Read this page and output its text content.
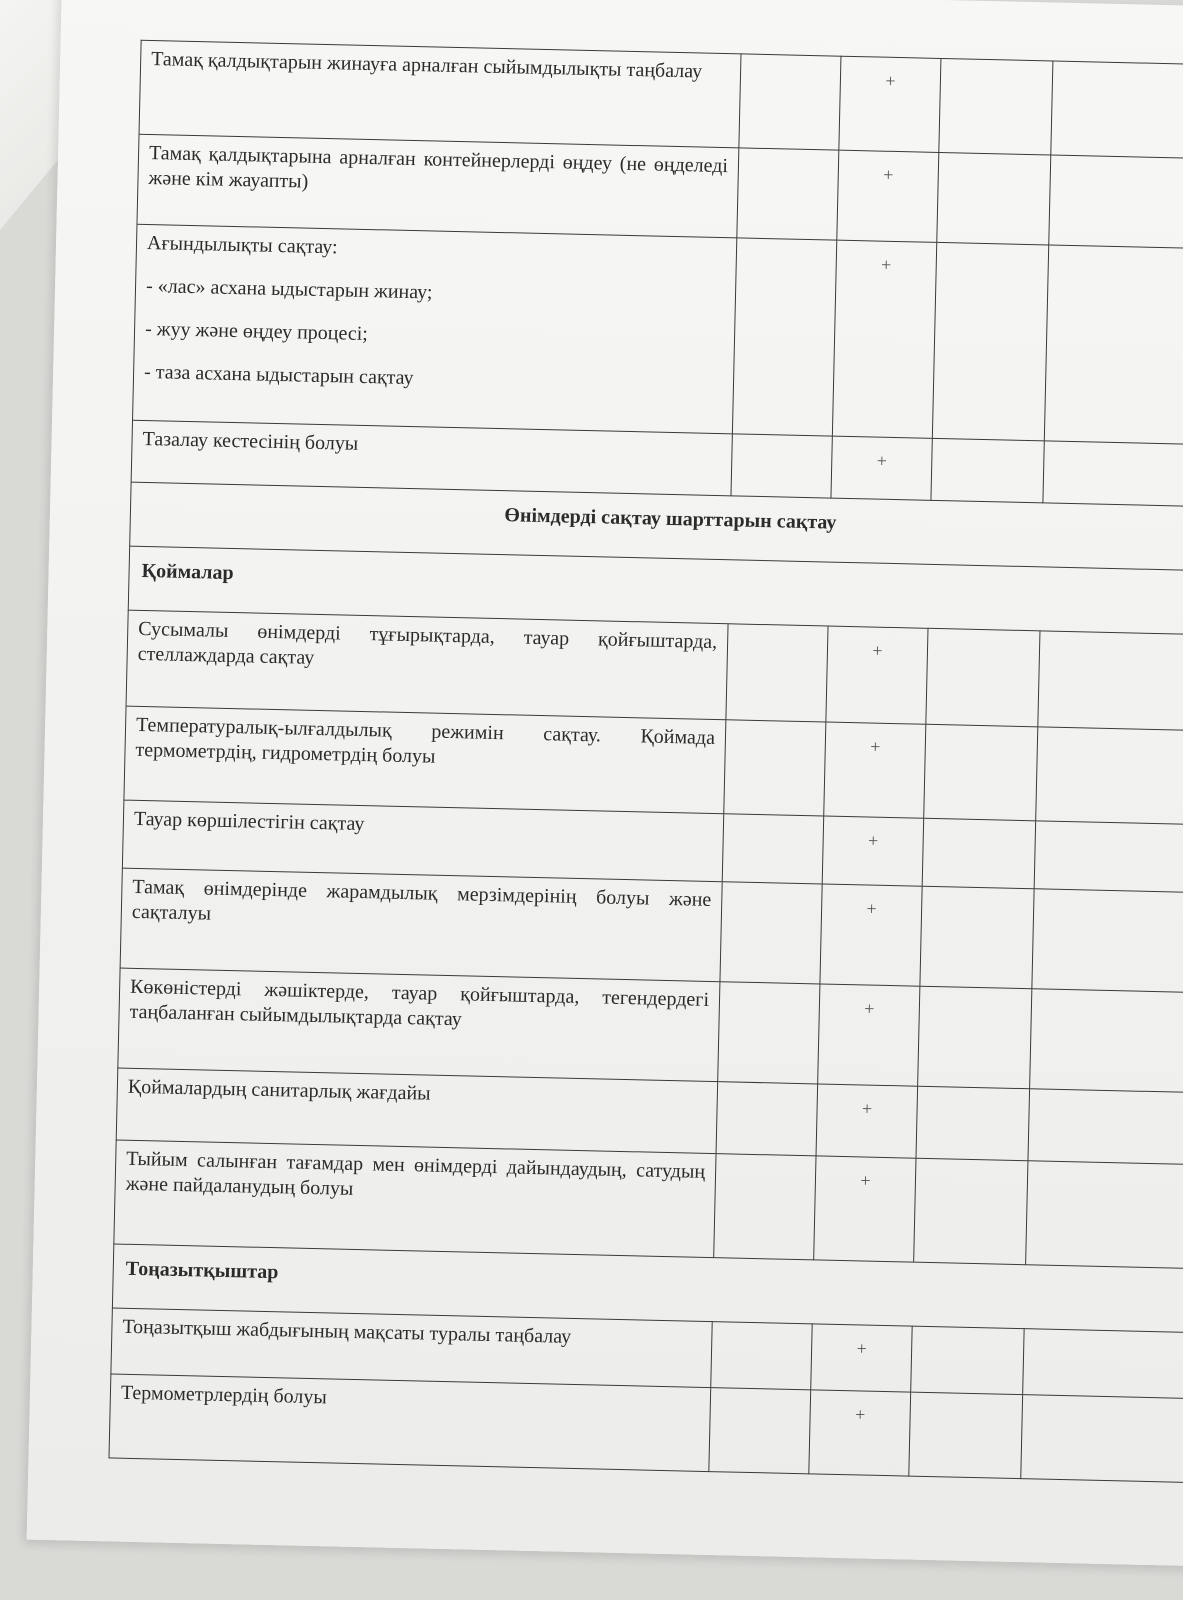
Тамақ қалдықтарын жинауға арналған сыйымдылықты таңбалау		+		
Тамақ қалдықтарына арналған контейнерлерді өңдеу (не өңделеді және кім жауапты)		+		
Ағындылықты сақтау:
- «лас» асхана ыдыстарын жинау;
- жуу және өңдеу процесі;
- таза асхана ыдыстарын сақтау		+		
Тазалау кестесінің болуы		+		
Өнімдерді сақтау шарттарын сақтау				
Қоймалар				
Сусымалы өнімдерді тұғырықтарда, тауар қойғыштарда, стеллаждарда сақтау		+		
Температуралық-ылғалдылық режимін сақтау. Қоймада термометрдің, гидрометрдің болуы		+		
Тауар көршілестігін сақтау		+		
Тамақ өнімдерінде жарамдылық мерзімдерінің болуы және сақталуы		+		
Көкөністерді жәшіктерде, тауар қойғыштарда, тегендердегі таңбаланған сыйымдылықтарда сақтау		+		
Қоймалардың санитарлық жағдайы		+		
Тыйым салынған тағамдар мен өнімдерді дайындаудың, сатудың және пайдаланудың болуы		+		
Тоңазытқыштар				
Тоңазытқыш жабдығының мақсаты туралы таңбалау		+		
Термометрлердің болуы		+		
